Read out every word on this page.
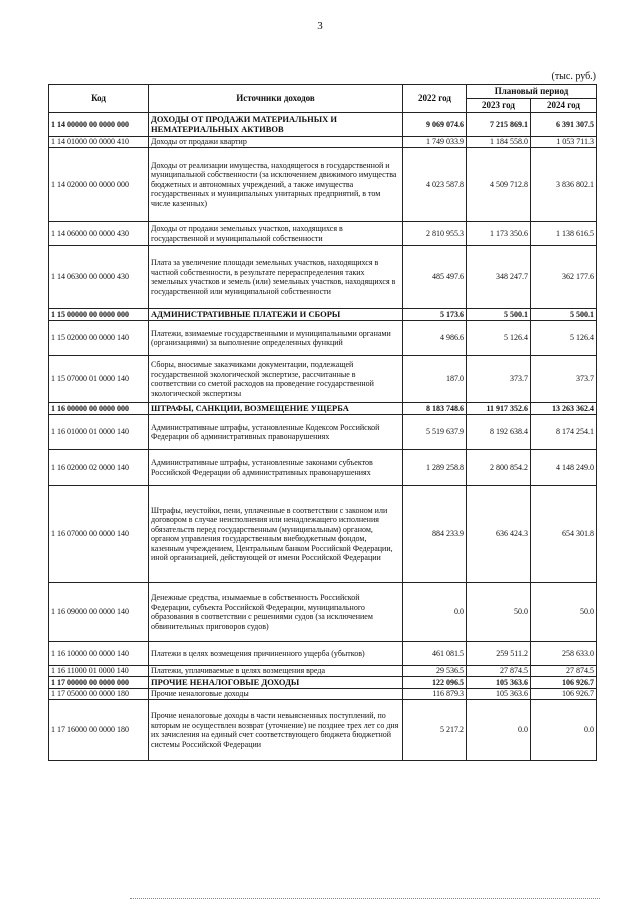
3
(тыс. руб.)
Код	Источники доходов	2022 год	Плановый период	
			2023 год	2024 год
1 14 00000 00 0000 000	ДОХОДЫ ОТ ПРОДАЖИ МАТЕРИАЛЬНЫХ И НЕМАТЕРИАЛЬНЫХ АКТИВОВ	9 069 074.6	7 215 869.1	6 391 307.5
1 14 01000 00 0000 410	Доходы от продажи квартир	1 749 033.9	1 184 558.0	1 053 711.3
1 14 02000 00 0000 000	Доходы от реализации имущества, находящегося в государственной и муниципальной собственности (за исключением движимого имущества бюджетных и автономных учреждений, а также имущества государственных и муниципальных унитарных предприятий, в том числе казенных)	4 023 587.8	4 509 712.8	3 836 802.1
1 14 06000 00 0000 430	Доходы от продажи земельных участков, находящихся в государственной и муниципальной собственности	2 810 955.3	1 173 350.6	1 138 616.5
1 14 06300 00 0000 430	Плата за увеличение площади земельных участков, находящихся в частной собственности, в результате перераспределения таких земельных участков и земель (или) земельных участков, находящихся в государственной или муниципальной собственности	485 497.6	348 247.7	362 177.6
1 15 00000 00 0000 000	АДМИНИСТРАТИВНЫЕ ПЛАТЕЖИ И СБОРЫ	5 173.6	5 500.1	5 500.1
1 15 02000 00 0000 140	Платежи, взимаемые государственными и муниципальными органами (организациями) за выполнение определенных функций	4 986.6	5 126.4	5 126.4
1 15 07000 01 0000 140	Сборы, вносимые заказчиками документации, подлежащей государственной экологической экспертизе, рассчитанные в соответствии со сметой расходов на проведение государственной экологической экспертизы	187.0	373.7	373.7
1 16 00000 00 0000 000	ШТРАФЫ, САНКЦИИ, ВОЗМЕЩЕНИЕ УЩЕРБА	8 183 748.6	11 917 352.6	13 263 362.4
1 16 01000 01 0000 140	Административные штрафы, установленные Кодексом Российской Федерации об административных правонарушениях	5 519 637.9	8 192 638.4	8 174 254.1
1 16 02000 02 0000 140	Административные штрафы, установленные законами субъектов Российской Федерации об административных правонарушениях	1 289 258.8	2 800 854.2	4 148 249.0
1 16 07000 00 0000 140	Штрафы, неустойки, пени, уплаченные в соответствии с законом или договором в случае неисполнения или ненадлежащего исполнения обязательств перед государственным (муниципальным) органом, органом управления государственным внебюджетным фондом, казенным учреждением, Центральным банком Российской Федерации, иной организацией, действующей от имени Российской Федерации	884 233.9	636 424.3	654 301.8
1 16 09000 00 0000 140	Денежные средства, изымаемые в собственность Российской Федерации, субъекта Российской Федерации, муниципального образования в соответствии с решениями судов (за исключением обвинительных приговоров судов)	0.0	50.0	50.0
1 16 10000 00 0000 140	Платежи в целях возмещения причиненного ущерба (убытков)	461 081.5	259 511.2	258 633.0
1 16 11000 01 0000 140	Платежи, уплачиваемые в целях возмещения вреда	29 536.5	27 874.5	27 874.5
1 17 00000 00 0000 000	ПРОЧИЕ НЕНАЛОГОВЫЕ ДОХОДЫ	122 096.5	105 363.6	106 926.7
1 17 05000 00 0000 180	Прочие неналоговые доходы	116 879.3	105 363.6	106 926.7
1 17 16000 00 0000 180	Прочие неналоговые доходы в части невыясненных поступлений, по которым не осуществлен возврат (уточнение) не позднее трех лет со дня их зачисления на единый счет соответствующего бюджета бюджетной системы Российской Федерации	5 217.2	0.0	0.0
